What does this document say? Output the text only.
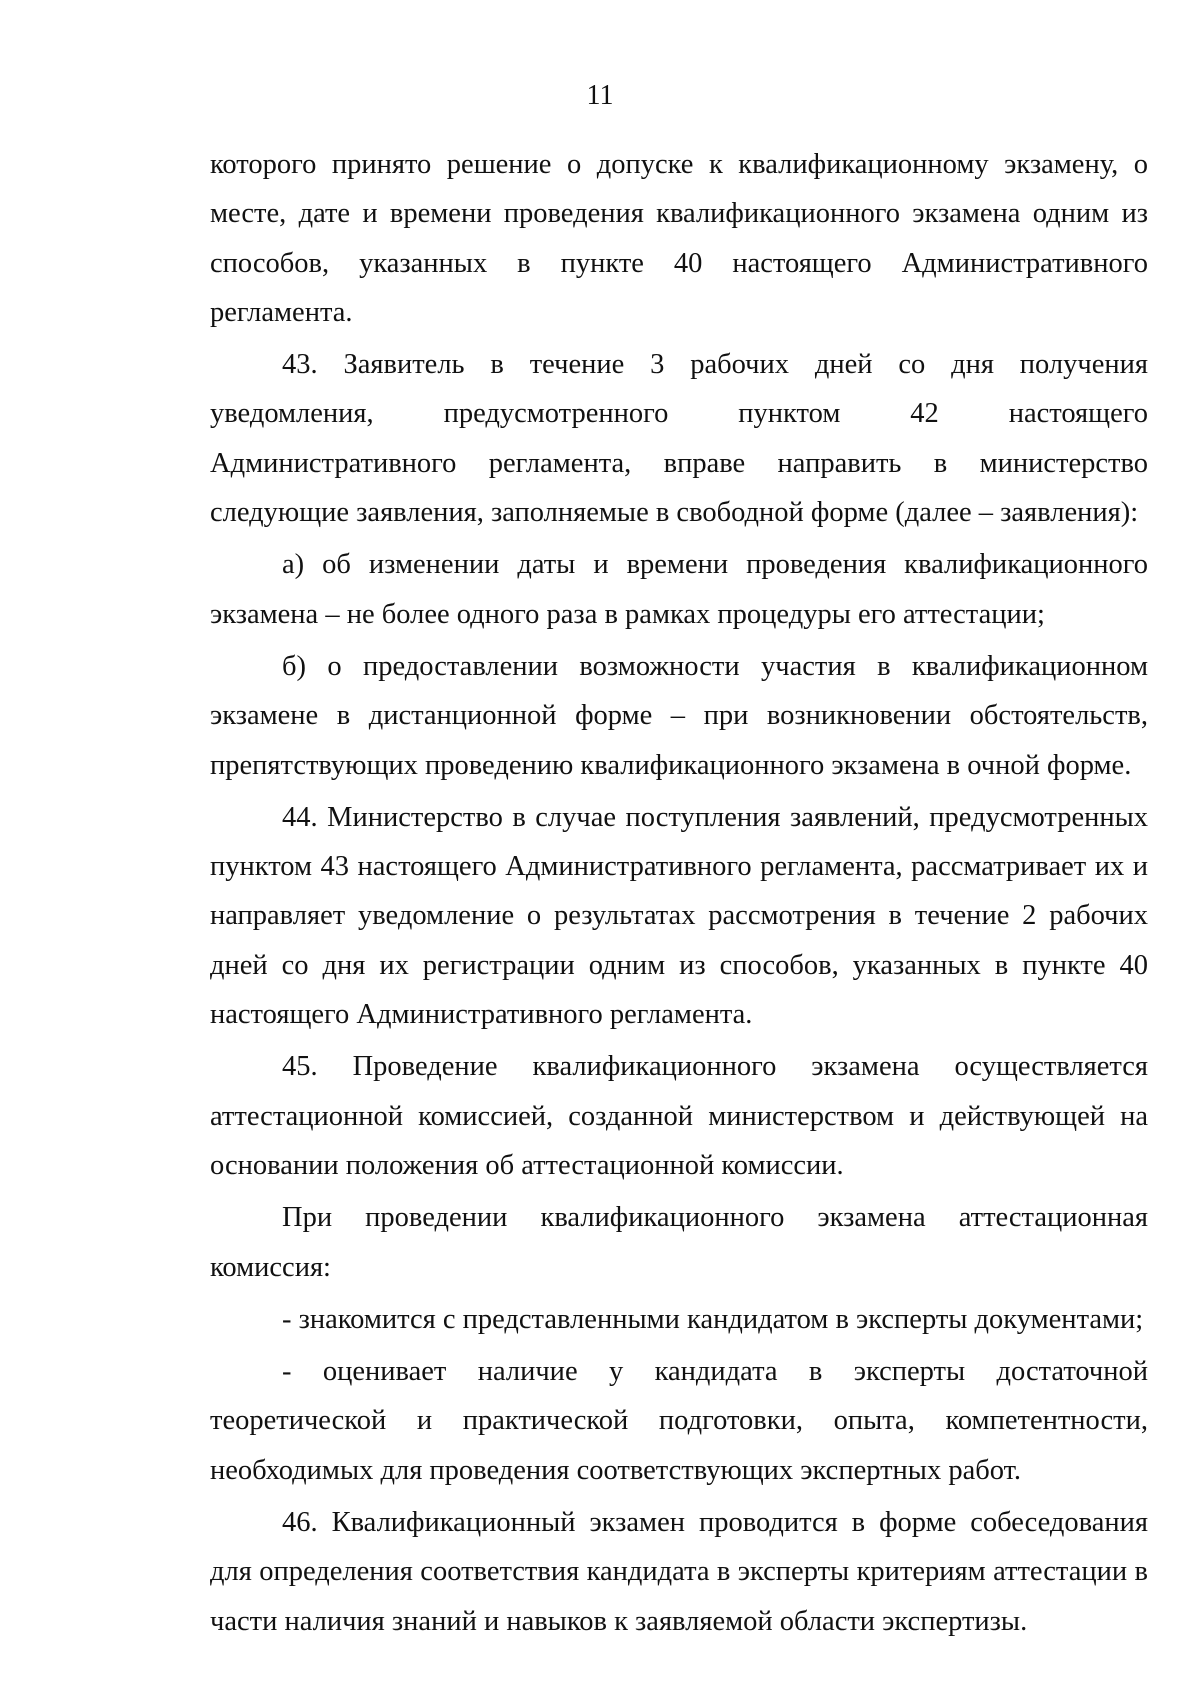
11

которого принято решение о допуске к квалификационному экзамену, о месте, дате и времени проведения квалификационного экзамена одним из способов, указанных в пункте 40 настоящего Административного регламента.

43. Заявитель в течение 3 рабочих дней со дня получения уведомления, предусмотренного пунктом 42 настоящего Административного регламента, вправе направить в министерство следующие заявления, заполняемые в свободной форме (далее – заявления):

а) об изменении даты и времени проведения квалификационного экзамена – не более одного раза в рамках процедуры его аттестации;

б) о предоставлении возможности участия в квалификационном экзамене в дистанционной форме – при возникновении обстоятельств, препятствующих проведению квалификационного экзамена в очной форме.

44. Министерство в случае поступления заявлений, предусмотренных пунктом 43 настоящего Административного регламента, рассматривает их и направляет уведомление о результатах рассмотрения в течение 2 рабочих дней со дня их регистрации одним из способов, указанных в пункте 40 настоящего Административного регламента.

45. Проведение квалификационного экзамена осуществляется аттестационной комиссией, созданной министерством и действующей на основании положения об аттестационной комиссии.

При проведении квалификационного экзамена аттестационная комиссия:

- знакомится с представленными кандидатом в эксперты документами;

- оценивает наличие у кандидата в эксперты достаточной теоретической и практической подготовки, опыта, компетентности, необходимых для проведения соответствующих экспертных работ.

46. Квалификационный экзамен проводится в форме собеседования для определения соответствия кандидата в эксперты критериям аттестации в части наличия знаний и навыков к заявляемой области экспертизы.
